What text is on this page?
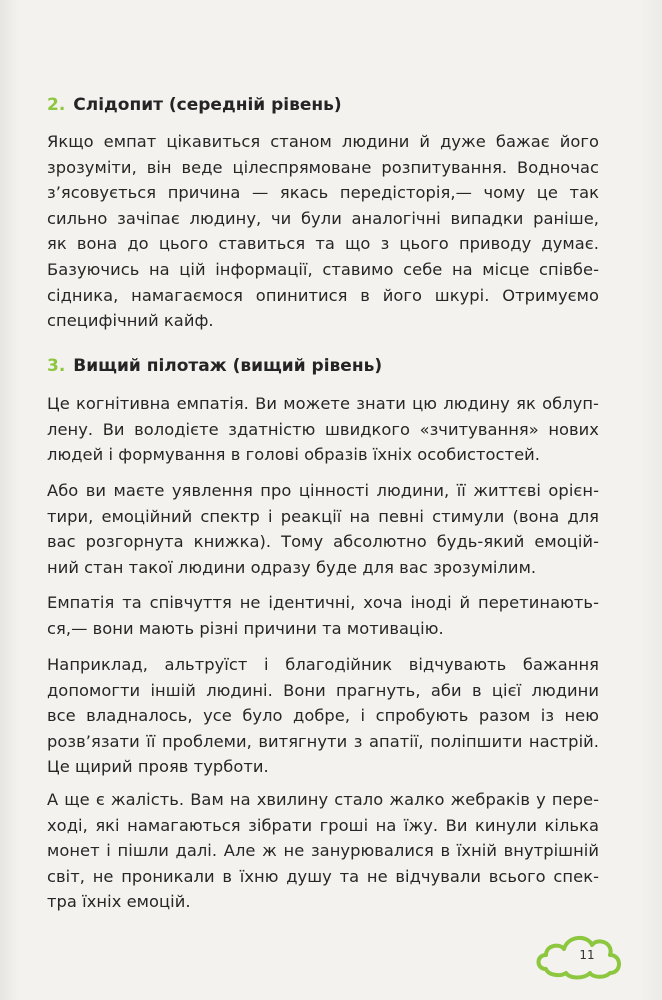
2. Слідопит (середній рівень)
Якщо емпат цікавиться станом людини й дуже бажає його
зрозуміти, він веде цілеспрямоване розпитування. Водночас
з’ясовується причина — якась передісторія,— чому це так
сильно зачіпає людину, чи були аналогічні випадки раніше,
як вона до цього ставиться та що з цього приводу думає.
Базуючись на цій інформації, ставимо себе на місце співбе-
сідника, намагаємося опинитися в його шкурі. Отримуємо
специфічний кайф.
3. Вищий пілотаж (вищий рівень)
Це когнітивна емпатія. Ви можете знати цю людину як облуп-
лену. Ви володієте здатністю швидкого «зчитування» нових
людей і формування в голові образів їхніх особистостей.
Або ви маєте уявлення про цінності людини, її життєві орієн-
тири, емоційний спектр і реакції на певні стимули (вона для
вас розгорнута книжка). Тому абсолютно будь-який емоцій-
ний стан такої людини одразу буде для вас зрозумілим.
Емпатія та співчуття не ідентичні, хоча іноді й перетинають-
ся,— вони мають різні причини та мотивацію.
Наприклад, альтруїст і благодійник відчувають бажання
допомогти іншій людині. Вони прагнуть, аби в цієї людини
все владналось, усе було добре, і спробують разом із нею
розв’язати її проблеми, витягнути з апатії, поліпшити настрій.
Це щирий прояв турботи.
А ще є жалість. Вам на хвилину стало жалко жебраків у пере-
ході, які намагаються зібрати гроші на їжу. Ви кинули кілька
монет і пішли далі. Але ж не занурювалися в їхній внутрішній
світ, не проникали в їхню душу та не відчували всього спек-
тра їхніх емоцій.
11
